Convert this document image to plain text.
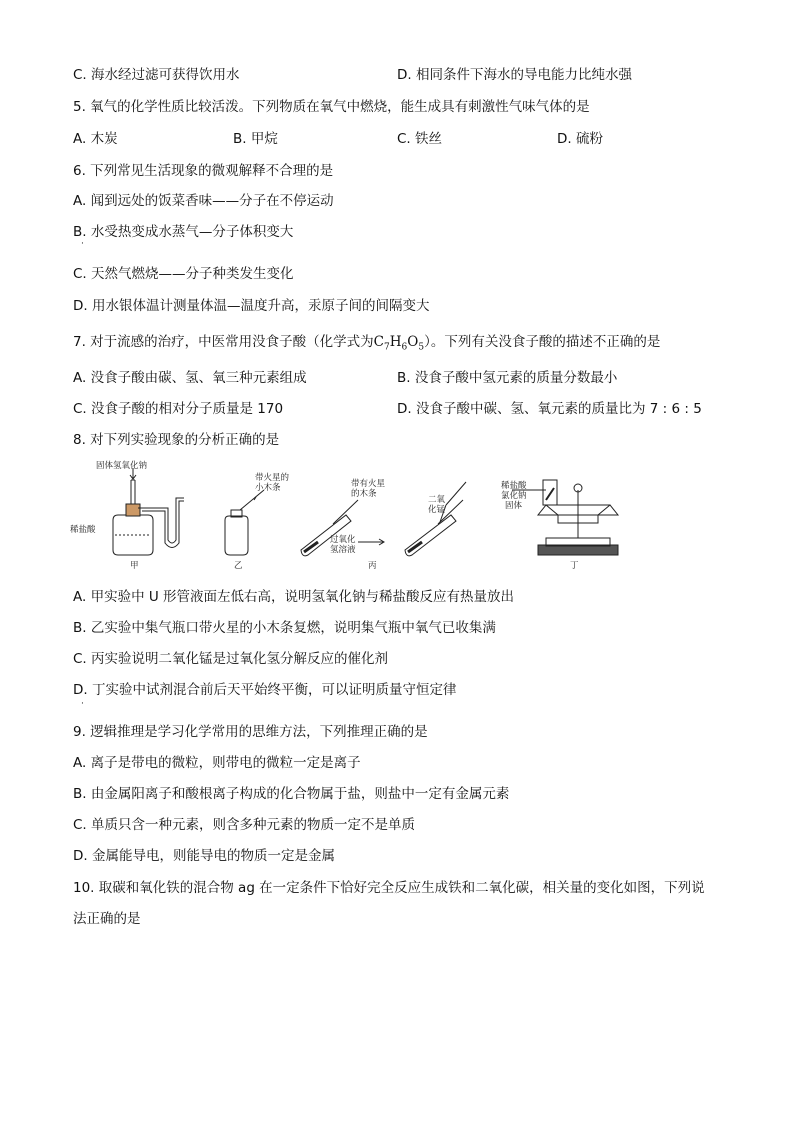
C. 海水经过滤可获得饮用水	D. 相同条件下海水的导电能力比纯水强
5. 氧气的化学性质比较活泼。下列物质在氧气中燃烧，能生成具有刺激性气味气体的是
A. 木炭	B. 甲烷	C. 铁丝	D. 硫粉
6. 下列常见生活现象的微观解释不合理的是
A. 闻到远处的饭菜香味——分子在不停运动
B. 水受热变成水蒸气—分子体积变大
·
C. 天然气燃烧——分子种类发生变化
D. 用水银体温计测量体温—温度升高，汞原子间的间隔变大
7. 对于流感的治疗，中医常用没食子酸（化学式为$C_7H_6O_5$）。下列有关没食子酸的描述不正确的是
A. 没食子酸由碳、氢、氧三种元素组成	B. 没食子酸中氢元素的质量分数最小
C. 没食子酸的相对分子质量是 170	D. 没食子酸中碳、氢、氧元素的质量比为 7 : 6 : 5
8. 对下列实验现象的分析正确的是
固体氢氧化钠
稀盐酸
甲
带火星的
小木条
乙
带有火星
的木条
二氧
化锰
过氧化
氢溶液
丙
稀盐酸
氯化钠
固体
丁
A. 甲实验中 U 形管液面左低右高，说明氢氧化钠与稀盐酸反应有热量放出
B. 乙实验中集气瓶口带火星的小木条复燃，说明集气瓶中氧气已收集满
C. 丙实验说明二氧化锰是过氧化氢分解反应的催化剂
D. 丁实验中试剂混合前后天平始终平衡，可以证明质量守恒定律
·
9. 逻辑推理是学习化学常用的思维方法，下列推理正确的是
A. 离子是带电的微粒，则带电的微粒一定是离子
B. 由金属阳离子和酸根离子构成的化合物属于盐，则盐中一定有金属元素
C. 单质只含一种元素，则含多种元素的物质一定不是单质
D. 金属能导电，则能导电的物质一定是金属
10. 取碳和氧化铁的混合物 ag 在一定条件下恰好完全反应生成铁和二氧化碳，相关量的变化如图，下列说
法正确的是
